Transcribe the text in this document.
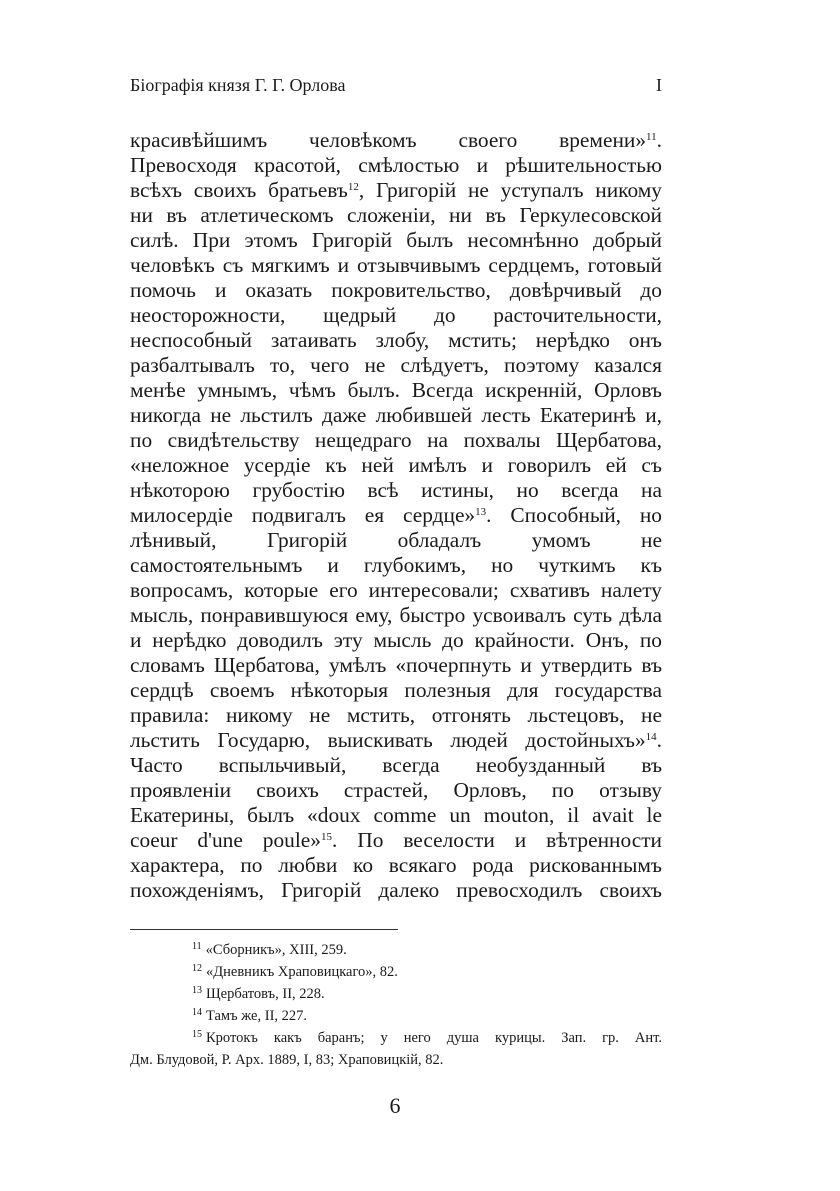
Біографія князя Г. Г. Орлова	I
красивѣйшимъ человѣкомъ своего времени»$^{11}$.
Превосходя красотой, смѣлостью и рѣшительностью
всѣхъ своихъ братьевъ$^{12}$, Григорій не уступалъ никому
ни въ атлетическомъ сложеніи, ни въ Геркулесовской
силѣ. При этомъ Григорій былъ несомнѣнно добрый
человѣкъ съ мягкимъ и отзывчивымъ сердцемъ, готовый
помочь и оказать покровительство, довѣрчивый до
неосторожности, щедрый до расточительности,
неспособный затаивать злобу, мстить; нерѣдко онъ
разбалтывалъ то, чего не слѣдуетъ, поэтому казался
менѣе умнымъ, чѣмъ былъ. Всегда искренній, Орловъ
никогда не льстилъ даже любившей лесть Екатеринѣ и,
по свидѣтельству нещедраго на похвалы Щербатова,
«неложное усердіе къ ней имѣлъ и говорилъ ей съ
нѣкоторою грубостію всѣ истины, но всегда на
милосердіе подвигалъ ея сердце»$^{13}$. Способный, но
лѣнивый, Григорій обладалъ умомъ не
самостоятельнымъ и глубокимъ, но чуткимъ къ
вопросамъ, которые его интересовали; схвативъ налету
мысль, понравившуюся ему, быстро усвоивалъ суть дѣла
и нерѣдко доводилъ эту мысль до крайности. Онъ, по
словамъ Щербатова, умѣлъ «почерпнуть и утвердить въ
сердцѣ своемъ нѣкоторыя полезныя для государства
правила: никому не мстить, отгонять льстецовъ, не
льстить Государю, выискивать людей достойныхъ»$^{14}$.
Часто вспыльчивый, всегда необузданный въ
проявленіи своихъ страстей, Орловъ, по отзыву
Екатерины, былъ «doux comme un mouton, il avait le
coeur d'une poule»$^{15}$. По веселости и вѣтренности
характера, по любви ко всякаго рода рискованнымъ
похожденіямъ, Григорій далеко превосходилъ своихъ
$^{11}$ «Сборникъ», XIII, 259.
$^{12}$ «Дневникъ Храповицкаго», 82.
$^{13}$ Щербатовъ, II, 228.
$^{14}$ Тамъ же, II, 227.
$^{15}$ Кротокъ какъ баранъ; у него душа курицы. Зап. гр. Ант.
Дм. Блудовой, Р. Арх. 1889, I, 83; Храповицкій, 82.
6
